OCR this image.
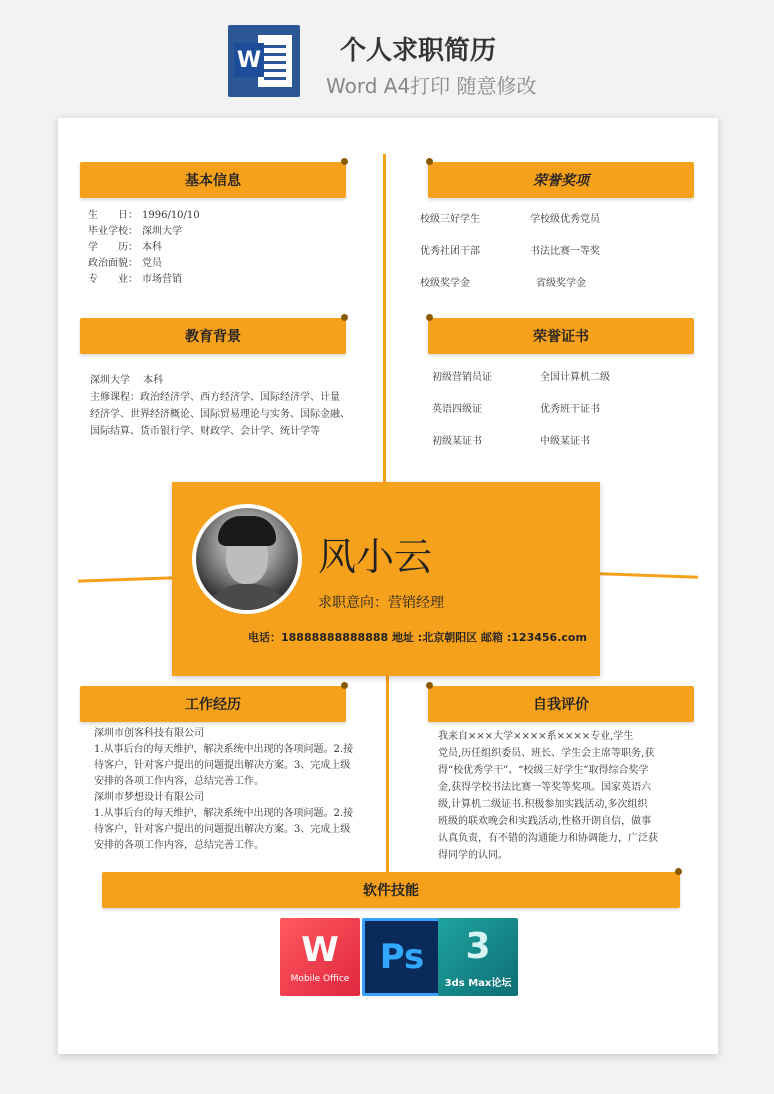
W	个人求职简历
Word A4打印 随意修改
基本信息
生　　日： 1996/10/10
毕业学校： 深圳大学
学　　历： 本科
政治面貌： 党员
专　　业： 市场营销
荣誉奖项
校级三好学生	学校级优秀党员
优秀社团干部	书法比赛一等奖
校级奖学金	省级奖学金
教育背景
深圳大学　 本科
主修课程：政治经济学、西方经济学、国际经济学、计量
经济学、世界经济概论、国际贸易理论与实务、国际金融、
国际结算、货币银行学、财政学、会计学、统计学等
荣誉证书
初级营销员证	全国计算机二级
英语四级证	优秀班干证书
初级某证书	中级某证书
工作经历
深圳市创客科技有限公司
1.从事后台的每天维护，解决系统中出现的各项问题。2.接
待客户，针对客户提出的问题提出解决方案。3、完成上级
安排的各项工作内容，总结完善工作。
深圳市梦想设计有限公司
1.从事后台的每天维护，解决系统中出现的各项问题。2.接
待客户，针对客户提出的问题提出解决方案。3、完成上级
安排的各项工作内容，总结完善工作。
自我评价
我来自×××大学××××系××××专业,学生
党员,历任组织委员、班长、学生会主席等职务,获
得“校优秀学干”、“校级三好学生”取得综合奖学
金,获得学校书法比赛一等奖等奖项。国家英语六
级,计算机二级证书.积极参加实践活动,多次组织
班级的联欢晚会和实践活动,性格开朗自信，做事
认真负责，有不错的沟通能力和协调能力，广泛获
得同学的认同。
软件技能
W
Mobile Office
Ps	3
3ds Max论坛
风小云
求职意向：营销经理
电话：18888888888888 地址 :北京朝阳区 邮箱 :123456.com
